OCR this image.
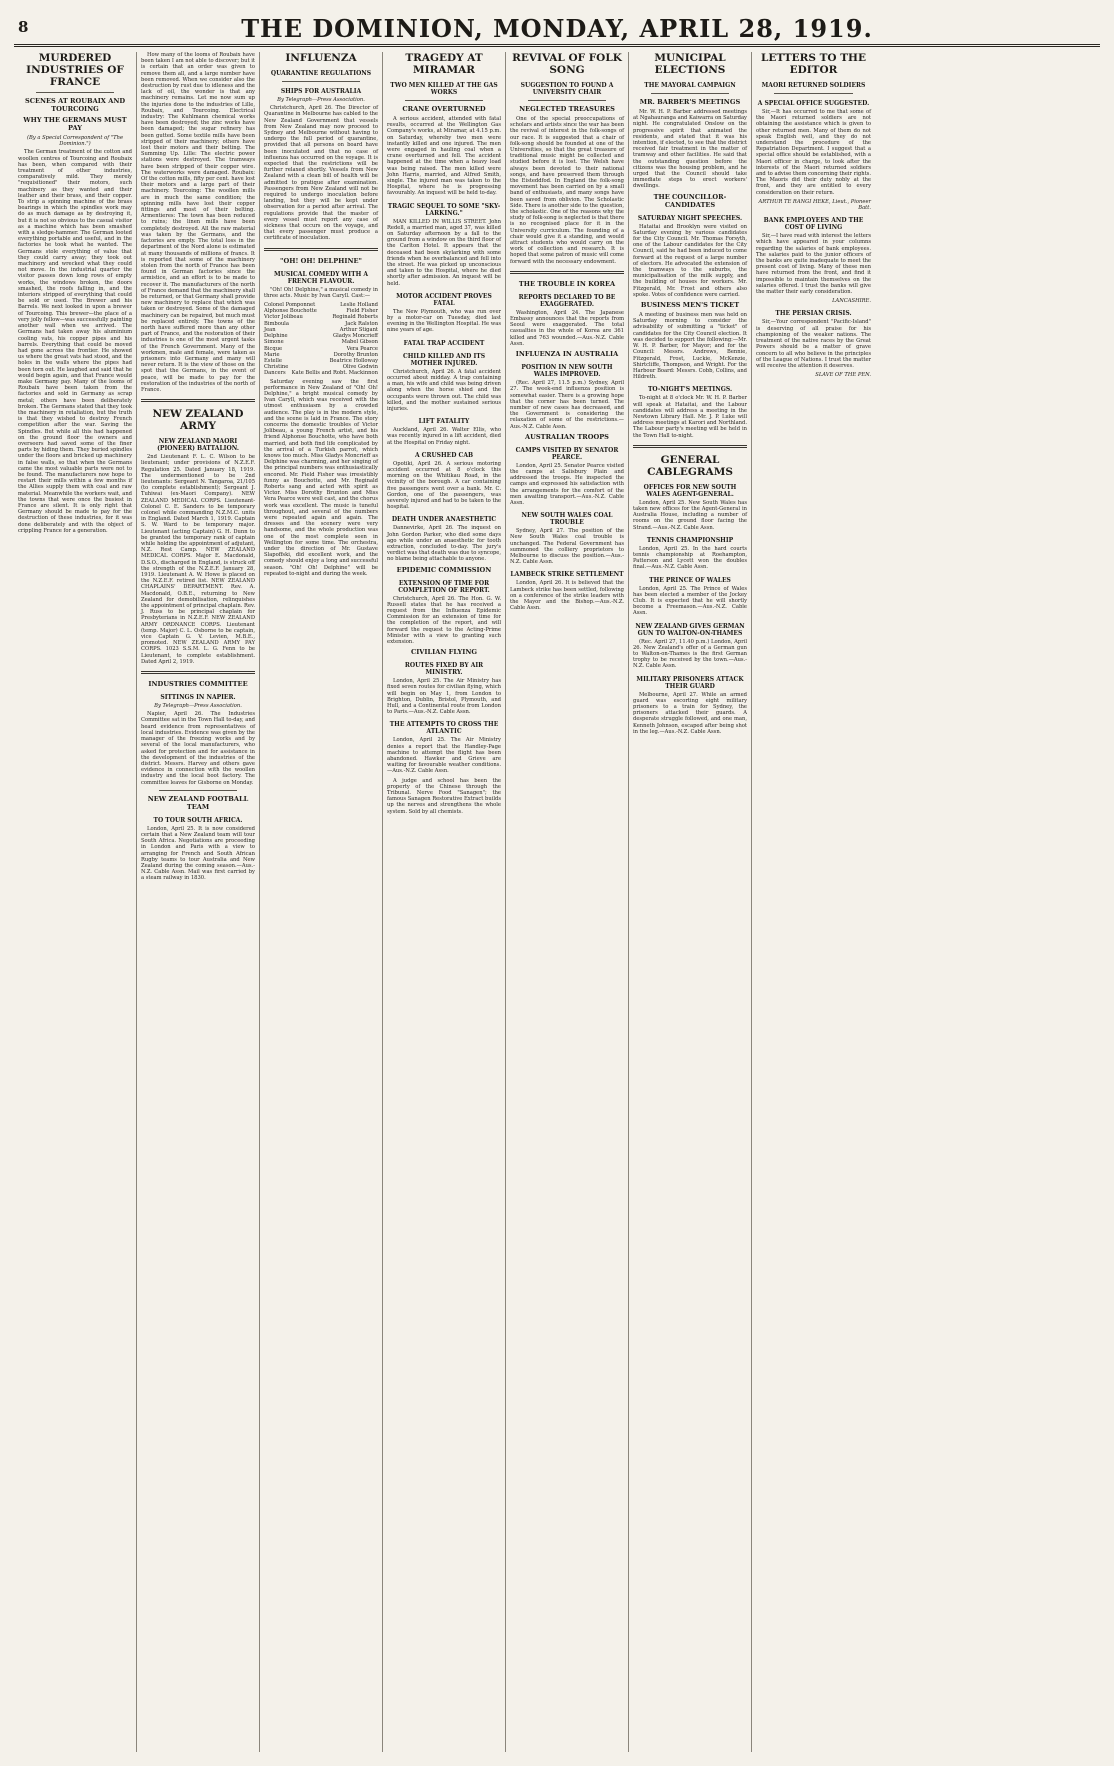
8	THE DOMINION, MONDAY, APRIL 28, 1919.
MURDERED INDUSTRIES OF FRANCE
SCENES AT ROUBAIX AND TOURCOING
WHY THE GERMANS MUST PAY
(By a Special Correspondent of "The Dominion.")
The German treatment of the cotton and woollen centres of Tourcoing and Roubaix has been, when compared with their treatment of other industries, comparatively mild. They merely "requisitioned" their motors, such machinery as they wanted and their leather and their brass, and their copper. To strip a spinning machine of the brass bearings in which the spindles work may do as much damage as by destroying it, but it is not so obvious to the casual visitor as a machine which has been smashed with a sledge-hammer. The German looted everything portable and useful, and in the factories he took what he wanted. The Germans stole everything of value that they could carry away; they took out machinery and wrecked what they could not move. In the industrial quarter the visitor passes down long rows of empty works, the windows broken, the doors smashed, the roofs falling in, and the interiors stripped of everything that could be sold or used. The Brewer and his Barrels. We next looked in upon a brewer of Tourcoing. This brewer—the place of a very jolly fellow—was successfully painting another wall when we arrived. The Germans had taken away his aluminium cooling vats, his copper pipes and his barrels. Everything that could be moved had gone across the frontier. He showed us where the great vats had stood, and the holes in the walls where the pipes had been torn out. He laughed and said that he would begin again, and that France would make Germany pay. Many of the looms of Roubaix have been taken from the factories and sold in Germany as scrap metal; others have been deliberately broken. The Germans stated that they took the machinery in retaliation, but the truth is that they wished to destroy French competition after the war. Saving the Spindles. But while all this had happened on the ground floor the owners and overseers had saved some of the finer parts by hiding them. They buried spindles under the floors and bricked up machinery in false walls, so that when the Germans came the most valuable parts were not to be found. The manufacturers now hope to restart their mills within a few months if the Allies supply them with coal and raw material. Meanwhile the workers wait, and the towns that were once the busiest in France are silent. It is only right that Germany should be made to pay for the destruction of these industries, for it was done deliberately and with the object of crippling France for a generation.
How many of the looms of Roubaix have been taken I am not able to discover; but it is certain that an order was given to remove them all, and a large number have been removed. When we consider also the destruction by rust due to idleness and the lack of oil, the wonder is that any machinery remains. Let me now sum up the injuries done to the industries of Lille, Roubaix, and Tourcoing. Electrical industry: The Kuhlmann chemical works have been destroyed; the zinc works have been damaged; the sugar refinery has been gutted. Some textile mills have been stripped of their machinery; others have lost their motors and their belting. The Summing Up. Lille: The electric power stations were destroyed. The tramways have been stripped of their copper wire. The waterworks were damaged. Roubaix: Of the cotton mills, fifty per cent. have lost their motors and a large part of their machinery. Tourcoing: The woollen mills are in much the same condition; the spinning mills have lost their copper fittings and most of their belting. Armentieres: The town has been reduced to ruins; the linen mills have been completely destroyed. All the raw material was taken by the Germans, and the factories are empty. The total loss in the department of the Nord alone is estimated at many thousands of millions of francs. It is reported that some of the machinery stolen from the north of France has been found in German factories since the armistice, and an effort is to be made to recover it. The manufacturers of the north of France demand that the machinery shall be returned, or that Germany shall provide new machinery to replace that which was taken or destroyed. Some of the damaged machinery can be repaired, but much must be replaced entirely. The towns of the north have suffered more than any other part of France, and the restoration of their industries is one of the most urgent tasks of the French Government. Many of the workmen, male and female, were taken as prisoners into Germany and many will never return. It is the view of those on the spot that the Germans, in the event of peace, will be made to pay for the restoration of the industries of the north of France.
NEW ZEALAND ARMY
NEW ZEALAND MAORI (PIONEER) BATTALION.
2nd Lieutenant F. L. C. Wilson to be lieutenant; under provisions of N.Z.E.F. Regulation 25. Dated January 18, 1919. The undermentioned to be 2nd lieutenants: Sergeant N. Tangaroa, 21/105 (to complete establishment); Sergeant J. Tuhiwai (ex-Maori Company). NEW ZEALAND MEDICAL CORPS. Lieutenant-Colonel C. E. Sanders to be temporary colonel while commanding N.Z.M.C. units in England. Dated March 1, 1919. Captain S. W. Ward to be temporary major. Lieutenant (acting Captain) G. H. Dunn to be granted the temporary rank of captain while holding the appointment of adjutant, N.Z. Rest Camp. NEW ZEALAND MEDICAL CORPS. Major E. Macdonald, D.S.O., discharged in England, is struck off the strength of the N.Z.E.F. January 28, 1919. Lieutenant A. W. Howe is placed on the N.Z.E.F. retired list. NEW ZEALAND CHAPLAINS' DEPARTMENT. Rev. A. Macdonald, O.B.E., returning to New Zealand for demobilisation, relinquishes the appointment of principal chaplain. Rev. J. Russ to be principal chaplain for Presbyterians in N.Z.E.F. NEW ZEALAND ARMY ORDNANCE CORPS. Lieutenant (temp. Major) C. L. Osborne to be captain, vice Captain G. V. Levien, M.B.E., promoted. NEW ZEALAND ARMY PAY CORPS. 1023 S.S.M. L. G. Fenn to be Lieutenant, to complete establishment. Dated April 2, 1919.
INDUSTRIES COMMITTEE
SITTINGS IN NAPIER.
By Telegraph—Press Association.
Napier, April 26. The Industries Committee sat in the Town Hall to-day, and heard evidence from representatives of local industries. Evidence was given by the manager of the freezing works and by several of the local manufacturers, who asked for protection and for assistance in the development of the industries of the district. Messrs. Harvey and others gave evidence in connection with the woollen industry and the local boot factory. The committee leaves for Gisborne on Monday.
NEW ZEALAND FOOTBALL TEAM
TO TOUR SOUTH AFRICA.
London, April 25. It is now considered certain that a New Zealand team will tour South Africa. Negotiations are proceeding in London and Paris with a view to arranging for French and South African Rugby teams to tour Australia and New Zealand during the coming season.—Aus.-N.Z. Cable Assn. Mail was first carried by a steam railway in 1830.
INFLUENZA
QUARANTINE REGULATIONS
SHIPS FOR AUSTRALIA
By Telegraph—Press Association.
Christchurch, April 26. The Director of Quarantine in Melbourne has cabled to the New Zealand Government that vessels from New Zealand may now proceed to Sydney and Melbourne without having to undergo the full period of quarantine, provided that all persons on board have been inoculated and that no case of influenza has occurred on the voyage. It is expected that the restrictions will be further relaxed shortly. Vessels from New Zealand with a clean bill of health will be admitted to pratique after examination. Passengers from New Zealand will not be required to undergo inoculation before landing, but they will be kept under observation for a period after arrival. The regulations provide that the master of every vessel must report any case of sickness that occurs on the voyage, and that every passenger must produce a certificate of inoculation.
"OH! OH! DELPHINE"
MUSICAL COMEDY WITH A FRENCH FLAVOUR.
"Oh! Oh! Delphine," a musical comedy in three acts. Music by Ivan Caryll. Cast:—
Colonel Pomponnet	Leslie Holland
Alphonse Bouchotte	Field Fisher
Victor Jolibeau	Reginald Roberts
Bimboula	Jack Ralston
Jean	Arthur Stigant
Delphine	Gladys Moncrieff
Simone	Mabel Gibson
Bicque	Vera Pearce
Marie	Dorothy Brunton
Estelle	Beatrice Holloway
Christine	Olive Godwin
Dancers Kate Bellis and Robt. Mackinnon
Saturday evening saw the first performance in New Zealand of "Oh! Oh! Delphine," a bright musical comedy by Ivan Caryll, which was received with the utmost enthusiasm by a crowded audience. The play is in the modern style, and the scene is laid in France. The story concerns the domestic troubles of Victor Jolibeau, a young French artist, and his friend Alphonse Bouchotte, who have both married, and both find life complicated by the arrival of a Turkish parrot, which knows too much. Miss Gladys Moncrieff as Delphine was charming, and her singing of the principal numbers was enthusiastically encored. Mr. Field Fisher was irresistibly funny as Bouchotte, and Mr. Reginald Roberts sang and acted with spirit as Victor. Miss Dorothy Brunton and Miss Vera Pearce were well cast, and the chorus work was excellent. The music is tuneful throughout, and several of the numbers were repeated again and again. The dresses and the scenery were very handsome, and the whole production was one of the most complete seen in Wellington for some time. The orchestra, under the direction of Mr. Gustave Slapoffski, did excellent work, and the comedy should enjoy a long and successful season. "Oh! Oh! Delphine" will be repeated to-night and during the week.
TRAGEDY AT MIRAMAR
TWO MEN KILLED AT THE GAS WORKS
CRANE OVERTURNED
A serious accident, attended with fatal results, occurred at the Wellington Gas Company's works, at Miramar, at 4.15 p.m. on Saturday, whereby two men were instantly killed and one injured. The men were engaged in hauling coal when a crane overturned and fell. The accident happened at the time when a heavy load was being raised. The men killed were John Harris, married, and Alfred Smith, single. The injured man was taken to the Hospital, where he is progressing favourably. An inquest will be held to-day.
TRAGIC SEQUEL TO SOME "SKY-LARKING."
MAN KILLED IN WILLIS STREET. John Redell, a married man, aged 37, was killed on Saturday afternoon by a fall to the ground from a window on the third floor of the Carlton Hotel. It appears that the deceased had been skylarking with some friends when he overbalanced and fell into the street. He was picked up unconscious and taken to the Hospital, where he died shortly after admission. An inquest will be held.
MOTOR ACCIDENT PROVES FATAL
The New Plymouth, who was run over by a motor-car on Tuesday, died last evening in the Wellington Hospital. He was nine years of age.
FATAL TRAP ACCIDENT
CHILD KILLED AND ITS MOTHER INJURED.
Christchurch, April 26. A fatal accident occurred about midday. A trap containing a man, his wife and child was being driven along when the horse shied and the occupants were thrown out. The child was killed, and the mother sustained serious injuries.
LIFT FATALITY
Auckland, April 26. Walter Ellis, who was recently injured in a lift accident, died at the Hospital on Friday night.
A CRUSHED CAB
Opotiki, April 26. A serious motoring accident occurred at 8 o'clock this morning on the Whitikau Road, in the vicinity of the borough. A car containing five passengers went over a bank. Mr. C. Gordon, one of the passengers, was severely injured and had to be taken to the hospital.
DEATH UNDER ANAESTHETIC
Dannevirke, April 26. The inquest on John Gordon Parker, who died some days ago while under an anaesthetic for tooth extraction, concluded to-day. The jury's verdict was that death was due to syncope, no blame being attachable to anyone.
EPIDEMIC COMMISSION
EXTENSION OF TIME FOR COMPLETION OF REPORT.
Christchurch, April 26. The Hon. G. W. Russell states that he has received a request from the Influenza Epidemic Commission for an extension of time for the completion of the report, and will forward the request to the Acting-Prime Minister with a view to granting such extension.
CIVILIAN FLYING
ROUTES FIXED BY AIR MINISTRY.
London, April 25. The Air Ministry has fixed seven routes for civilian flying, which will begin on May 1, from London to Brighton, Dublin, Bristol, Plymouth, and Hull, and a Continental route from London to Paris.—Aus.-N.Z. Cable Assn.
THE ATTEMPTS TO CROSS THE ATLANTIC
London, April 25. The Air Ministry denies a report that the Handley-Page machine to attempt the flight has been abandoned. Hawker and Grieve are waiting for favourable weather conditions.—Aus.-N.Z. Cable Assn.
A judge and school has been the property of the Chinese through the Tribunal. Nerve Food "Sanagen"; the famous Sanagen Restorative Extract builds up the nerves and strengthens the whole system. Sold by all chemists.
REVIVAL OF FOLK SONG
SUGGESTION TO FOUND A UNIVERSITY CHAIR
NEGLECTED TREASURES
One of the special preoccupations of scholars and artists since the war has been the revival of interest in the folk-songs of our race. It is suggested that a chair of folk-song should be founded at one of the Universities, so that the great treasure of traditional music might be collected and studied before it is lost. The Welsh have always been devoted to their national songs, and have preserved them through the Eisteddfod. In England the folk-song movement has been carried on by a small band of enthusiasts, and many songs have been saved from oblivion. The Scholastic Side. There is another side to the question, the scholastic. One of the reasons why the study of folk-song is neglected is that there is no recognised place for it in the University curriculum. The founding of a chair would give it a standing, and would attract students who would carry on the work of collection and research. It is hoped that some patron of music will come forward with the necessary endowment.
THE TROUBLE IN KOREA
REPORTS DECLARED TO BE EXAGGERATED.
Washington, April 24. The Japanese Embassy announces that the reports from Seoul were exaggerated. The total casualties in the whole of Korea are 361 killed and 763 wounded.—Aus.-N.Z. Cable Assn.
INFLUENZA IN AUSTRALIA
POSITION IN NEW SOUTH WALES IMPROVED.
(Rec. April 27, 11.5 p.m.) Sydney, April 27. The week-end influenza position is somewhat easier. There is a growing hope that the corner has been turned. The number of new cases has decreased, and the Government is considering the relaxation of some of the restrictions.—Aus.-N.Z. Cable Assn.
AUSTRALIAN TROOPS
CAMPS VISITED BY SENATOR PEARCE.
London, April 25. Senator Pearce visited the camps at Salisbury Plain and addressed the troops. He inspected the camps and expressed his satisfaction with the arrangements for the comfort of the men awaiting transport.—Aus.-N.Z. Cable Assn.
NEW SOUTH WALES COAL TROUBLE
Sydney, April 27. The position of the New South Wales coal trouble is unchanged. The Federal Government has summoned the colliery proprietors to Melbourne to discuss the position.—Aus.-N.Z. Cable Assn.
LAMBECK STRIKE SETTLEMENT
London, April 26. It is believed that the Lambeck strike has been settled, following on a conference of the strike leaders with the Mayor and the Bishop.—Aus.-N.Z. Cable Assn.
MUNICIPAL ELECTIONS
THE MAYORAL CAMPAIGN
MR. BARBER'S MEETINGS
Mr. W. H. P. Barber addressed meetings at Ngahauranga and Kaiwarra on Saturday night. He congratulated Onslow on the progressive spirit that animated the residents, and stated that it was his intention, if elected, to see that the district received fair treatment in the matter of tramway and other facilities. He said that the outstanding question before the citizens was the housing problem, and he urged that the Council should take immediate steps to erect workers' dwellings.
THE COUNCILLOR-CANDIDATES
SATURDAY NIGHT SPEECHES.
Hataitai and Brooklyn were visited on Saturday evening by various candidates for the City Council. Mr. Thomas Forsyth, one of the Labour candidates for the City Council, said he had been induced to come forward at the request of a large number of electors. He advocated the extension of the tramways to the suburbs, the municipalisation of the milk supply, and the building of houses for workers. Mr. Fitzgerald, Mr. Frost and others also spoke. Votes of confidence were carried.
BUSINESS MEN'S TICKET
A meeting of business men was held on Saturday morning to consider the advisability of submitting a "ticket" of candidates for the City Council election. It was decided to support the following:—Mr. W. H. P. Barber, for Mayor; and for the Council: Messrs. Andrews, Bennie, Fitzgerald, Frost, Luckie, McKenzie, Shirtcliffe, Thompson, and Wright. For the Harbour Board: Messrs. Cobb, Collins, and Hildreth.
TO-NIGHT'S MEETINGS.
To-night at 8 o'clock Mr. W. H. P. Barber will speak at Hataitai, and the Labour candidates will address a meeting in the Newtown Library Hall. Mr. J. P. Luke will address meetings at Karori and Northland. The Labour party's meeting will be held in the Town Hall to-night.
GENERAL CABLEGRAMS
OFFICES FOR NEW SOUTH WALES AGENT-GENERAL.
London, April 25. New South Wales has taken new offices for the Agent-General in Australia House, including a number of rooms on the ground floor facing the Strand.—Aus.-N.Z. Cable Assn.
TENNIS CHAMPIONSHIP
London, April 25. In the hard courts tennis championship at Roehampton, Patterson and Lycett won the doubles final.—Aus.-N.Z. Cable Assn.
THE PRINCE OF WALES
London, April 25. The Prince of Wales has been elected a member of the Jockey Club. It is expected that he will shortly become a Freemason.—Aus.-N.Z. Cable Assn.
NEW ZEALAND GIVES GERMAN GUN TO WALTON-ON-THAMES
(Rec. April 27, 11.40 p.m.) London, April 26. New Zealand's offer of a German gun to Walton-on-Thames is the first German trophy to be received by the town.—Aus.-N.Z. Cable Assn.
MILITARY PRISONERS ATTACK THEIR GUARD
Melbourne, April 27. While an armed guard was escorting eight military prisoners to a train for Sydney, the prisoners attacked their guards. A desperate struggle followed, and one man, Kenneth Johnson, escaped after being shot in the leg.—Aus.-N.Z. Cable Assn.
LETTERS TO THE EDITOR
MAORI RETURNED SOLDIERS
A SPECIAL OFFICE SUGGESTED.
Sir,—It has occurred to me that some of the Maori returned soldiers are not obtaining the assistance which is given to other returned men. Many of them do not speak English well, and they do not understand the procedure of the Repatriation Department. I suggest that a special office should be established, with a Maori officer in charge, to look after the interests of the Maori returned soldiers and to advise them concerning their rights. The Maoris did their duty nobly at the front, and they are entitled to every consideration on their return.
ARTHUR TE RANGI HEKE, Lieut., Pioneer Batt.
BANK EMPLOYEES AND THE COST OF LIVING
Sir,—I have read with interest the letters which have appeared in your columns regarding the salaries of bank employees. The salaries paid to the junior officers of the banks are quite inadequate to meet the present cost of living. Many of these men have returned from the front, and find it impossible to maintain themselves on the salaries offered. I trust the banks will give the matter their early consideration.
LANCASHIRE.
THE PERSIAN CRISIS.
Sir,—Your correspondent "Pacific-Island" is deserving of all praise for his championing of the weaker nations. The treatment of the native races by the Great Powers should be a matter of grave concern to all who believe in the principles of the League of Nations. I trust the matter will receive the attention it deserves.
SLAVE OF THE PEN.
